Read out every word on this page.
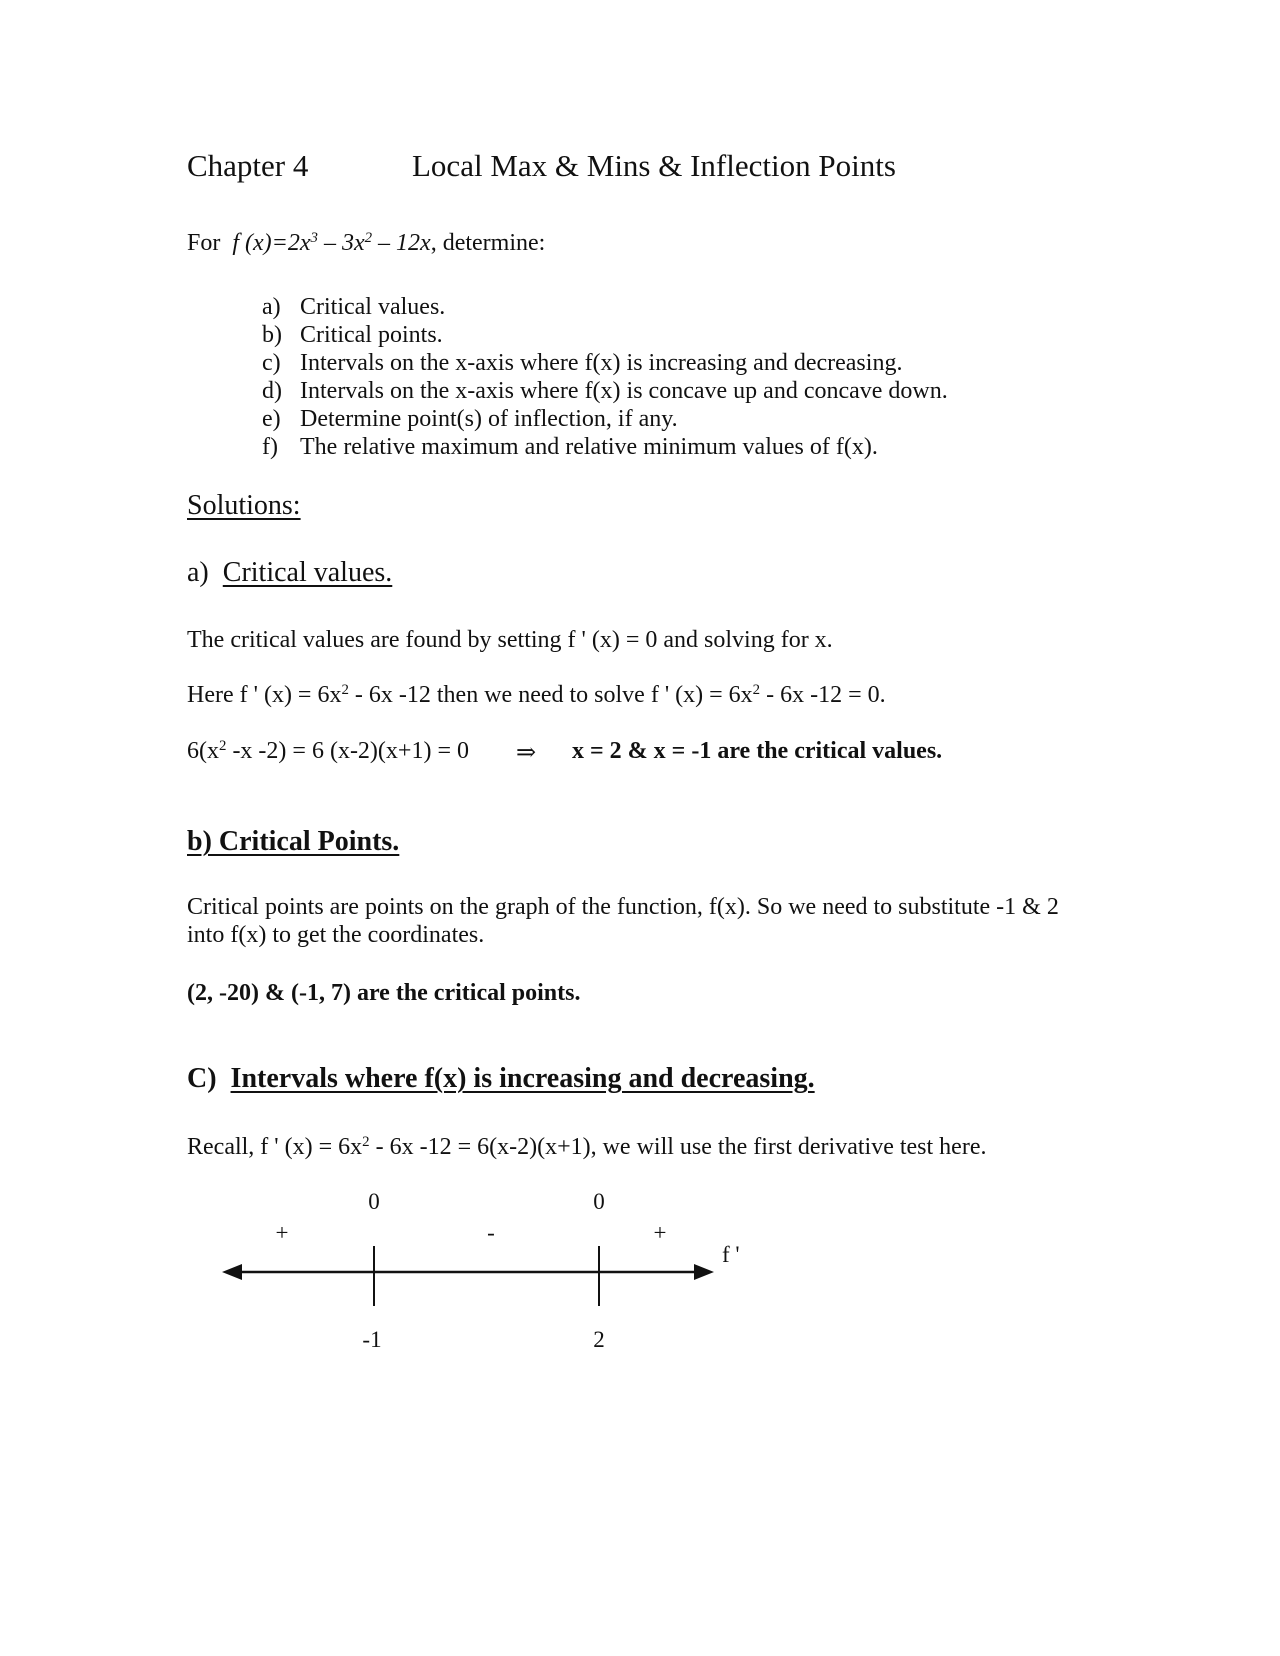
Chapter 4	Local Max & Mins & Inflection Points
For f $(x)=2x^3 - 3x^2 - 12x$, determine:
a) Critical values.
b) Critical points.
c) Intervals on the x-axis where f(x) is increasing and decreasing.
d) Intervals on the x-axis where f(x) is concave up and concave down.
e) Determine point(s) of inflection, if any.
f) The relative maximum and relative minimum values of f(x).
Solutions:
a) Critical values.
The critical values are found by setting f ' (x) = 0 and solving for x.
Here f ' $(x) = 6x^2 - 6x$ -12 then we need to solve f ' $(x) = 6x^2 - 6x$ -12 = 0.
$6(x^2$ -x -2) = 6 (x-2)(x+1) = 0 ⇒ x = 2 & x = -1 are the critical values.
b) Critical Points.
Critical points are points on the graph of the function, f(x). So we need to substitute -1 & 2
into f(x) to get the coordinates.
(2, -20) & (-1, 7) are the critical points.
C) Intervals where f(x) is increasing and decreasing.
Recall, f ' $(x) = 6x^2 - 6x$ -12 = 6(x-2)(x+1), we will use the first derivative test here.
0	0
+	-	+
f '
-1	2
